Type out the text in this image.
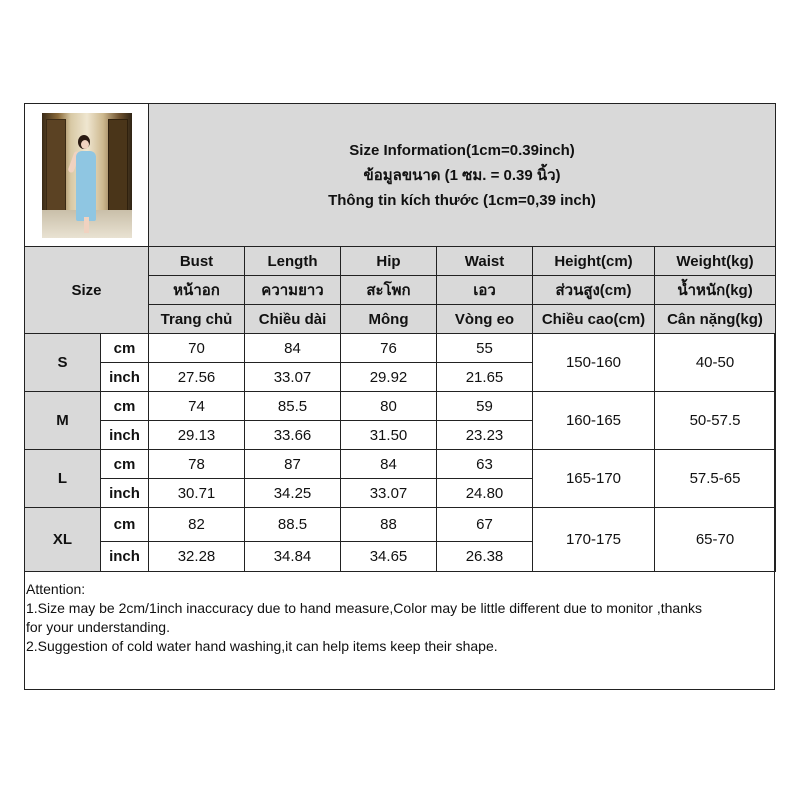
		Size Information(1cm=0.39inch)
ข้อมูลขนาด (1 ซม. = 0.39 นิ้ว)
Thông tin kích thước (1cm=0,39 inch)					

Size		Bust	Length	Hip	Waist	Height(cm)	Weight(kg)
		หน้าอก	ความยาว	สะโพก	เอว	ส่วนสูง(cm)	น้ำหนัก(kg)
		Trang chủ	Chiều dài	Mông	Vòng eo	Chiều cao(cm)	Cân nặng(kg)
S	cm	70	84	76	55	150-160	40-50
	inch	27.56	33.07	29.92	21.65		
M	cm	74	85.5	80	59	160-165	50-57.5
	inch	29.13	33.66	31.50	23.23		
L	cm	78	87	84	63	165-170	57.5-65
	inch	30.71	34.25	33.07	24.80		
XL	cm	82	88.5	88	67	170-175	65-70
	inch	32.28	34.84	34.65	26.38		
Attention:
1.Size may be 2cm/1inch inaccuracy due to hand measure,Color may be little different due to monitor ,thanks
for your understanding.
2.Suggestion of cold water hand washing,it can help items keep their shape.
